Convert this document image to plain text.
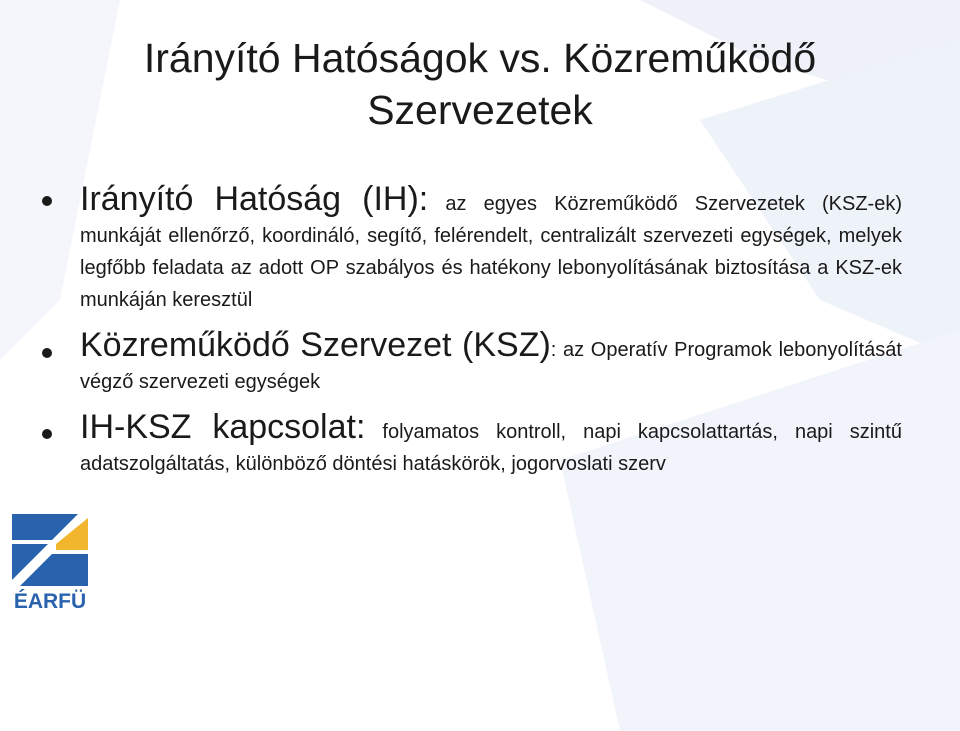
Irányító Hatóságok vs. Közreműködő
Szervezetek
Irányító Hatóság (IH): az egyes Közreműködő Szervezetek (KSZ-ek) munkáját ellenőrző, koordináló, segítő, felérendelt, centralizált szervezeti egységek, melyek legfőbb feladata az adott OP szabályos és hatékony lebonyolításának biztosítása a KSZ-ek munkáján keresztül
Közreműködő Szervezet (KSZ): az Operatív Programok lebonyolítását végző szervezeti egységek
IH-KSZ kapcsolat: folyamatos kontroll, napi kapcsolattartás, napi szintű adatszolgáltatás, különböző döntési hatáskörök, jogorvoslati szerv
ÉARFÜ
